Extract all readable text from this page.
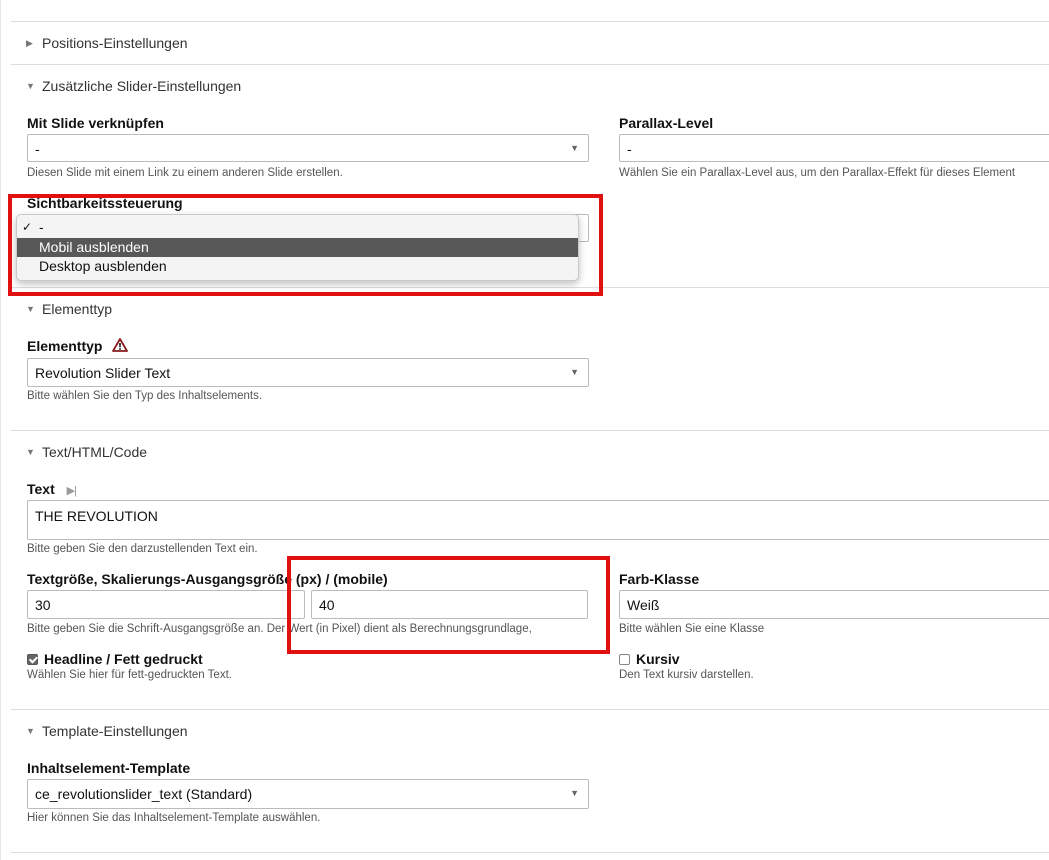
▶ Positions-Einstellungen
▼ Zusätzliche Slider-Einstellungen
Mit Slide verknüpfen
-	▼
Diesen Slide mit einem Link zu einem anderen Slide erstellen.
Parallax-Level
-
Wählen Sie ein Parallax-Level aus, um den Parallax-Effekt für dieses Element
Sichtbarkeitssteuerung
▼ Elementtyp
Elementtyp
Revolution Slider Text	▼
Bitte wählen Sie den Typ des Inhaltselements.
▼ Text/HTML/Code
Text ▶|
THE REVOLUTION
Bitte geben Sie den darzustellenden Text ein.
Textgröße, Skalierungs-Ausgangsgröße (px) / (mobile)
30	40
Bitte geben Sie die Schrift-Ausgangsgröße an. Der Wert (in Pixel) dient als Berechnungsgrundlage,
Farb-Klasse
Weiß
Bitte wählen Sie eine Klasse
Headline / Fett gedruckt
Wählen Sie hier für fett-gedruckten Text.
Kursiv
Den Text kursiv darstellen.
▼ Template-Einstellungen
Inhaltselement-Template
ce_revolutionslider_text (Standard)	▼
Hier können Sie das Inhaltselement-Template auswählen.
✓ -
Mobil ausblenden
Desktop ausblenden
